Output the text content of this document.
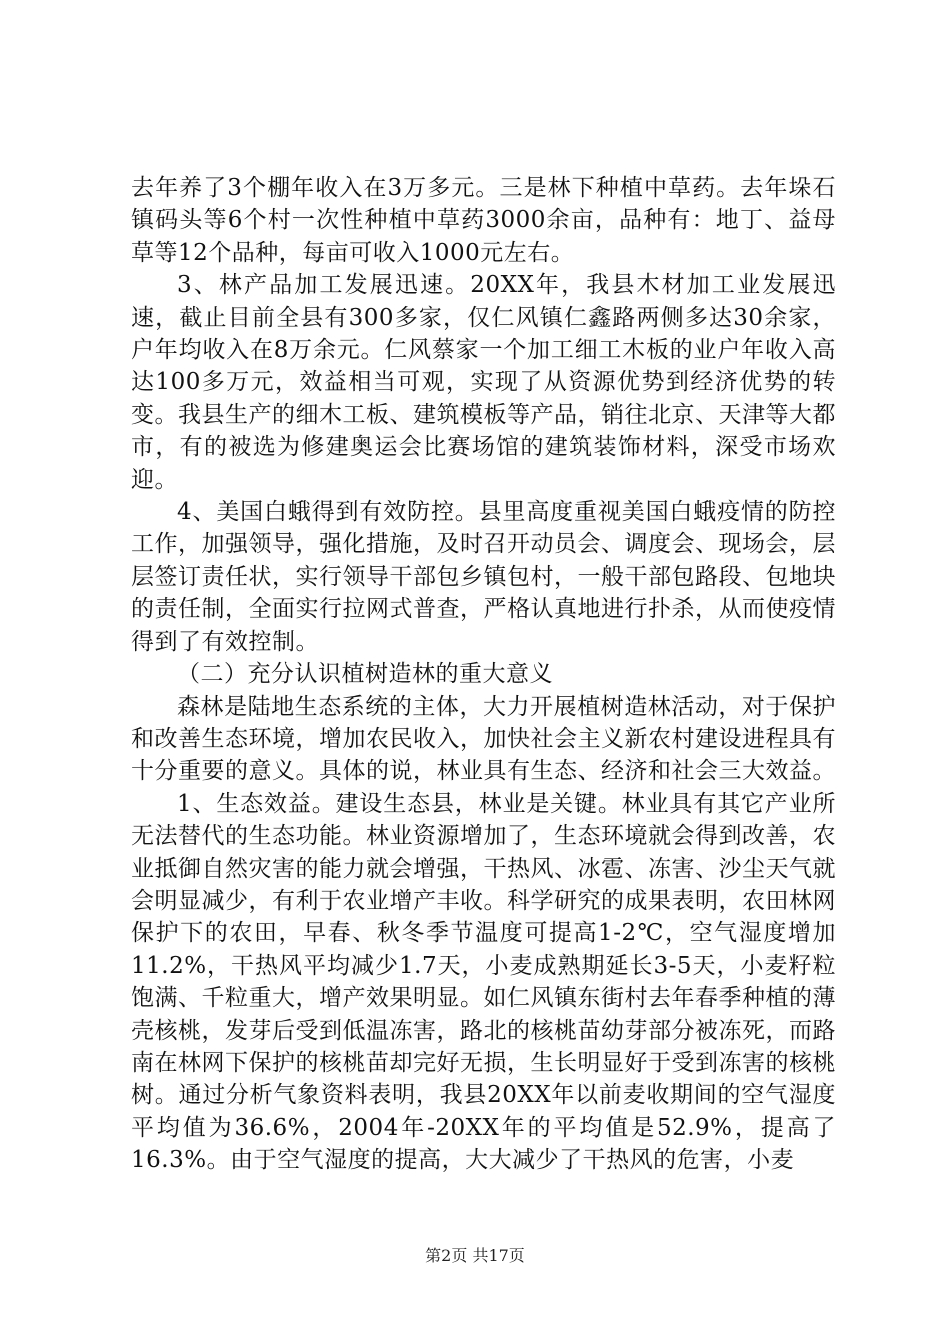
去年养了3个棚年收入在3万多元。三是林下种植中草药。去年垛石镇码头等6个村一次性种植中草药3000余亩，品种有：地丁、益母草等12个品种，每亩可收入1000元左右。

3、林产品加工发展迅速。20XX年，我县木材加工业发展迅速，截止目前全县有300多家，仅仁风镇仁鑫路两侧多达30余家，户年均收入在8万余元。仁风蔡家一个加工细工木板的业户年收入高达100多万元，效益相当可观，实现了从资源优势到经济优势的转变。我县生产的细木工板、建筑模板等产品，销往北京、天津等大都市，有的被选为修建奥运会比赛场馆的建筑装饰材料，深受市场欢迎。

4、美国白蛾得到有效防控。县里高度重视美国白蛾疫情的防控工作，加强领导，强化措施，及时召开动员会、调度会、现场会，层层签订责任状，实行领导干部包乡镇包村，一般干部包路段、包地块的责任制，全面实行拉网式普查，严格认真地进行扑杀，从而使疫情得到了有效控制。

（二）充分认识植树造林的重大意义

森林是陆地生态系统的主体，大力开展植树造林活动，对于保护和改善生态环境，增加农民收入，加快社会主义新农村建设进程具有十分重要的意义。具体的说，林业具有生态、经济和社会三大效益。

1、生态效益。建设生态县，林业是关键。林业具有其它产业所无法替代的生态功能。林业资源增加了，生态环境就会得到改善，农业抵御自然灾害的能力就会增强，干热风、冰雹、冻害、沙尘天气就会明显减少，有利于农业增产丰收。科学研究的成果表明，农田林网保护下的农田，早春、秋冬季节温度可提高1-2℃，空气湿度增加11.2%，干热风平均减少1.7天，小麦成熟期延长3-5天，小麦籽粒饱满、千粒重大，增产效果明显。如仁风镇东街村去年春季种植的薄壳核桃，发芽后受到低温冻害，路北的核桃苗幼芽部分被冻死，而路南在林网下保护的核桃苗却完好无损，生长明显好于受到冻害的核桃树。通过分析气象资料表明，我县20XX年以前麦收期间的空气湿度平均值为36.6%，2004年-20XX年的平均值是52.9%，提高了16.3%。由于空气湿度的提高，大大减少了干热风的危害，小麦

第2页 共17页
